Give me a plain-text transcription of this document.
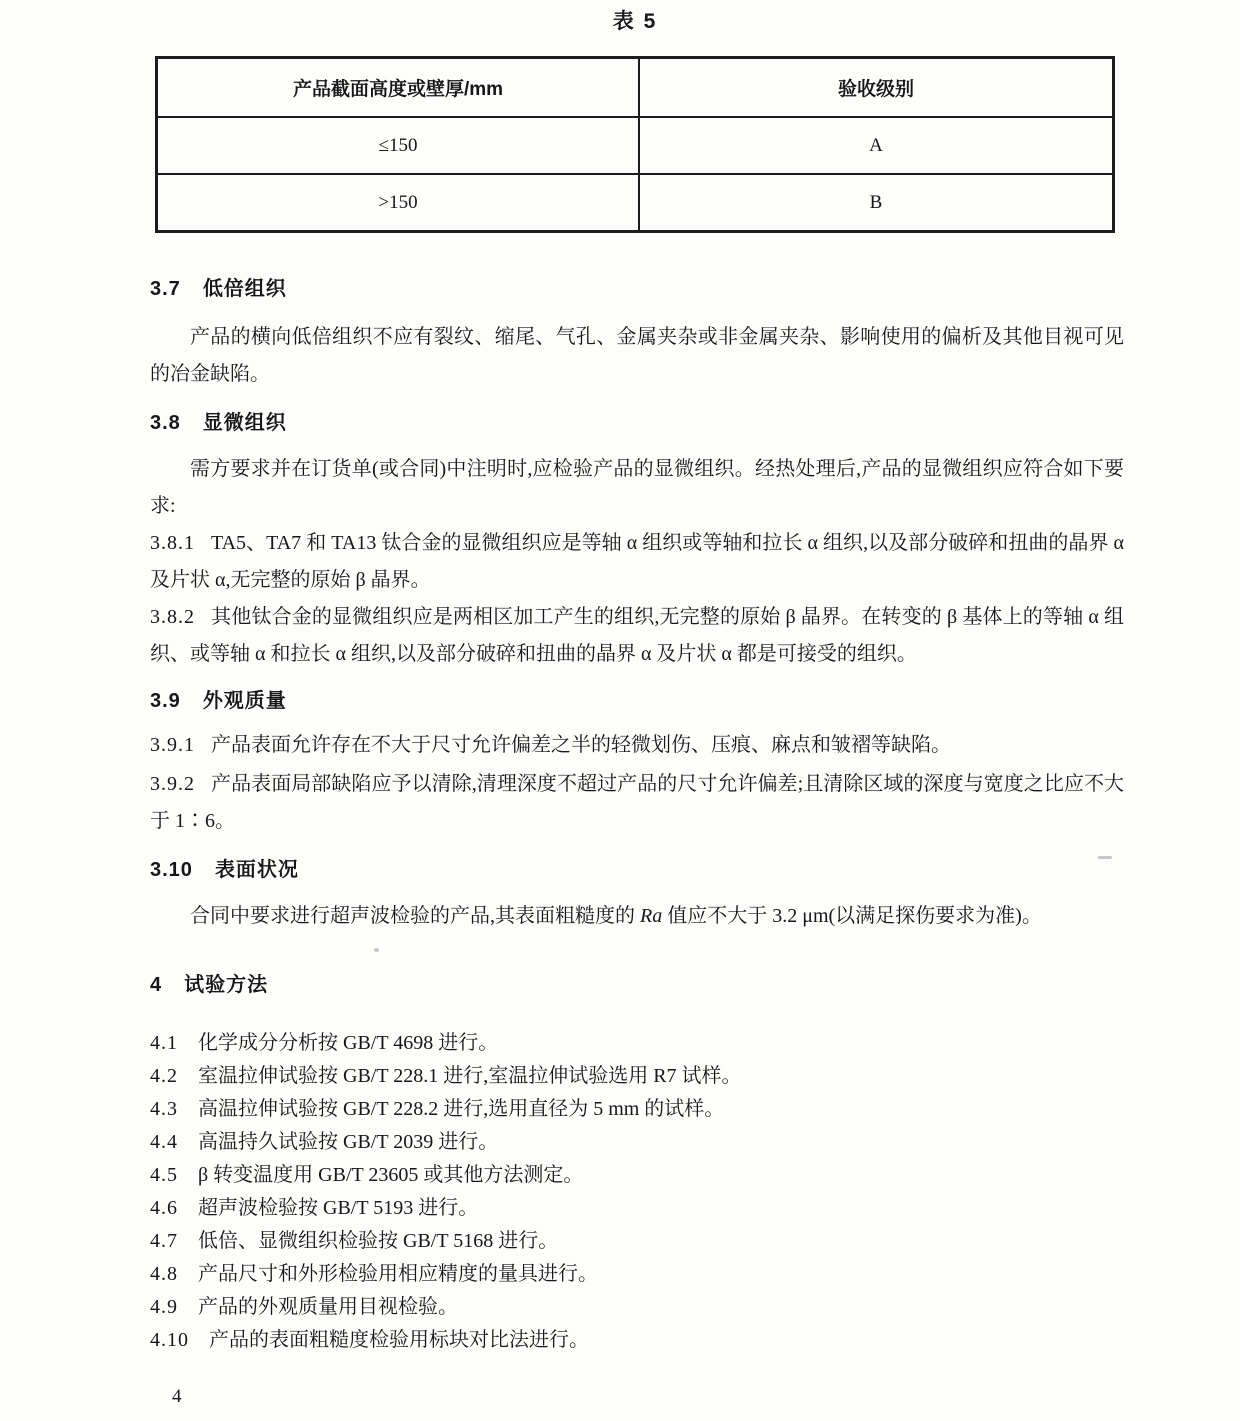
表 5
产品截面高度或壁厚/mm	验收级别
≤150	A
>150	B

3.7 低倍组织

产品的横向低倍组织不应有裂纹、缩尾、气孔、金属夹杂或非金属夹杂、影响使用的偏析及其他目视可见的冶金缺陷。

3.8 显微组织

需方要求并在订货单(或合同)中注明时,应检验产品的显微组织。经热处理后,产品的显微组织应符合如下要求:

3.8.1 TA5、TA7 和 TA13 钛合金的显微组织应是等轴 α 组织或等轴和拉长 α 组织,以及部分破碎和扭曲的晶界 α 及片状 α,无完整的原始 β 晶界。

3.8.2 其他钛合金的显微组织应是两相区加工产生的组织,无完整的原始 β 晶界。在转变的 β 基体上的等轴 α 组织、或等轴 α 和拉长 α 组织,以及部分破碎和扭曲的晶界 α 及片状 α 都是可接受的组织。

3.9 外观质量

3.9.1 产品表面允许存在不大于尺寸允许偏差之半的轻微划伤、压痕、麻点和皱褶等缺陷。

3.9.2 产品表面局部缺陷应予以清除,清理深度不超过产品的尺寸允许偏差;且清除区域的深度与宽度之比应不大于 1∶6。

3.10 表面状况

合同中要求进行超声波检验的产品,其表面粗糙度的 Ra 值应不大于 3.2 μm(以满足探伤要求为准)。

4 试验方法

4.1 化学成分分析按 GB/T 4698 进行。

4.2 室温拉伸试验按 GB/T 228.1 进行,室温拉伸试验选用 R7 试样。

4.3 高温拉伸试验按 GB/T 228.2 进行,选用直径为 5 mm 的试样。

4.4 高温持久试验按 GB/T 2039 进行。

4.5 β 转变温度用 GB/T 23605 或其他方法测定。

4.6 超声波检验按 GB/T 5193 进行。

4.7 低倍、显微组织检验按 GB/T 5168 进行。

4.8 产品尺寸和外形检验用相应精度的量具进行。

4.9 产品的外观质量用目视检验。

4.10 产品的表面粗糙度检验用标块对比法进行。

4
